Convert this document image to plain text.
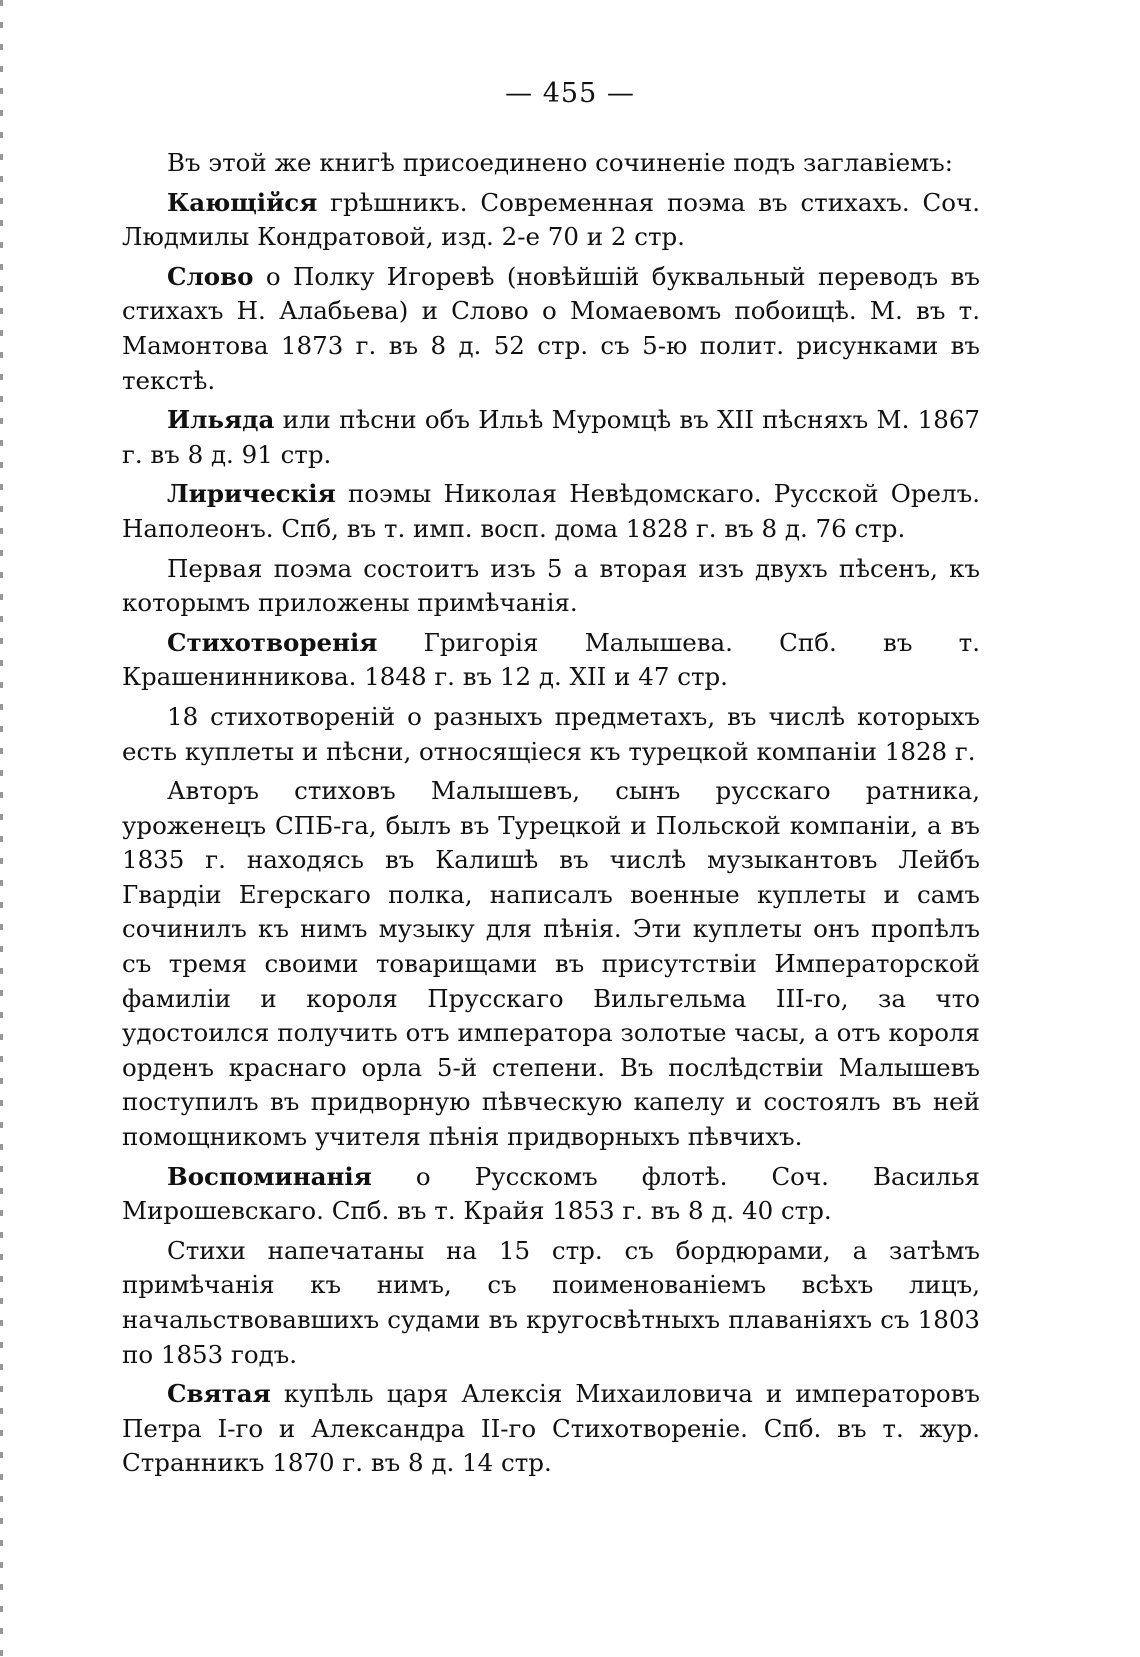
— 455 —

Въ этой же книгѣ присоединено сочиненіе подъ заглавіемъ:

Кающійся грѣшникъ. Современная поэма въ стихахъ. Соч. Людмилы Кондратовой, изд. 2-е 70 и 2 стр.

Слово о Полку Игоревѣ (новѣйшій буквальный переводъ въ стихахъ Н. Алабьева) и Слово о Момаевомъ побоищѣ. М. въ т. Мамонтова 1873 г. въ 8 д. 52 стр. съ 5-ю полит. рисунками въ текстѣ.

Ильяда или пѣсни объ Ильѣ Муромцѣ въ XII пѣсняхъ М. 1867 г. въ 8 д. 91 стр.

Лирическія поэмы Николая Невѣдомскаго. Русской Орелъ. Наполеонъ. Спб, въ т. имп. восп. дома 1828 г. въ 8 д. 76 стр.

Первая поэма состоитъ изъ 5 а вторая изъ двухъ пѣсенъ, къ которымъ приложены примѣчанія.

Стихотворенія Григорія Малышева. Спб. въ т. Крашенинникова. 1848 г. въ 12 д. XII и 47 стр.

18 стихотвореній о разныхъ предметахъ, въ числѣ которыхъ есть куплеты и пѣсни, относящіеся къ турецкой компаніи 1828 г.

Авторъ стиховъ Малышевъ, сынъ русскаго ратника, уроженецъ СПБ-га, былъ въ Турецкой и Польской компаніи, а въ 1835 г. находясь въ Калишѣ въ числѣ музыкантовъ Лейбъ Гвардіи Егерскаго полка, написалъ военные куплеты и самъ сочинилъ къ нимъ музыку для пѣнія. Эти куплеты онъ пропѣлъ съ тремя своими товарищами въ присутствіи Императорской фамиліи и короля Прусскаго Вильгельма III-го, за что удостоился получить отъ императора золотые часы, а отъ короля орденъ краснаго орла 5-й степени. Въ послѣдствіи Малышевъ поступилъ въ придворную пѣвческую капелу и состоялъ въ ней помощникомъ учителя пѣнія придворныхъ пѣвчихъ.

Воспоминанія о Русскомъ флотѣ. Соч. Василья Мирошевскаго. Спб. въ т. Крайя 1853 г. въ 8 д. 40 стр.

Стихи напечатаны на 15 стр. съ бордюрами, а затѣмъ примѣчанія къ нимъ, съ поименованіемъ всѣхъ лицъ, начальствовавшихъ судами въ кругосвѣтныхъ плаваніяхъ съ 1803 по 1853 годъ.

Святая купѣль царя Алексія Михаиловича и императоровъ Петра I-го и Александра II-го Стихотвореніе. Спб. въ т. жур. Странникъ 1870 г. въ 8 д. 14 стр.
